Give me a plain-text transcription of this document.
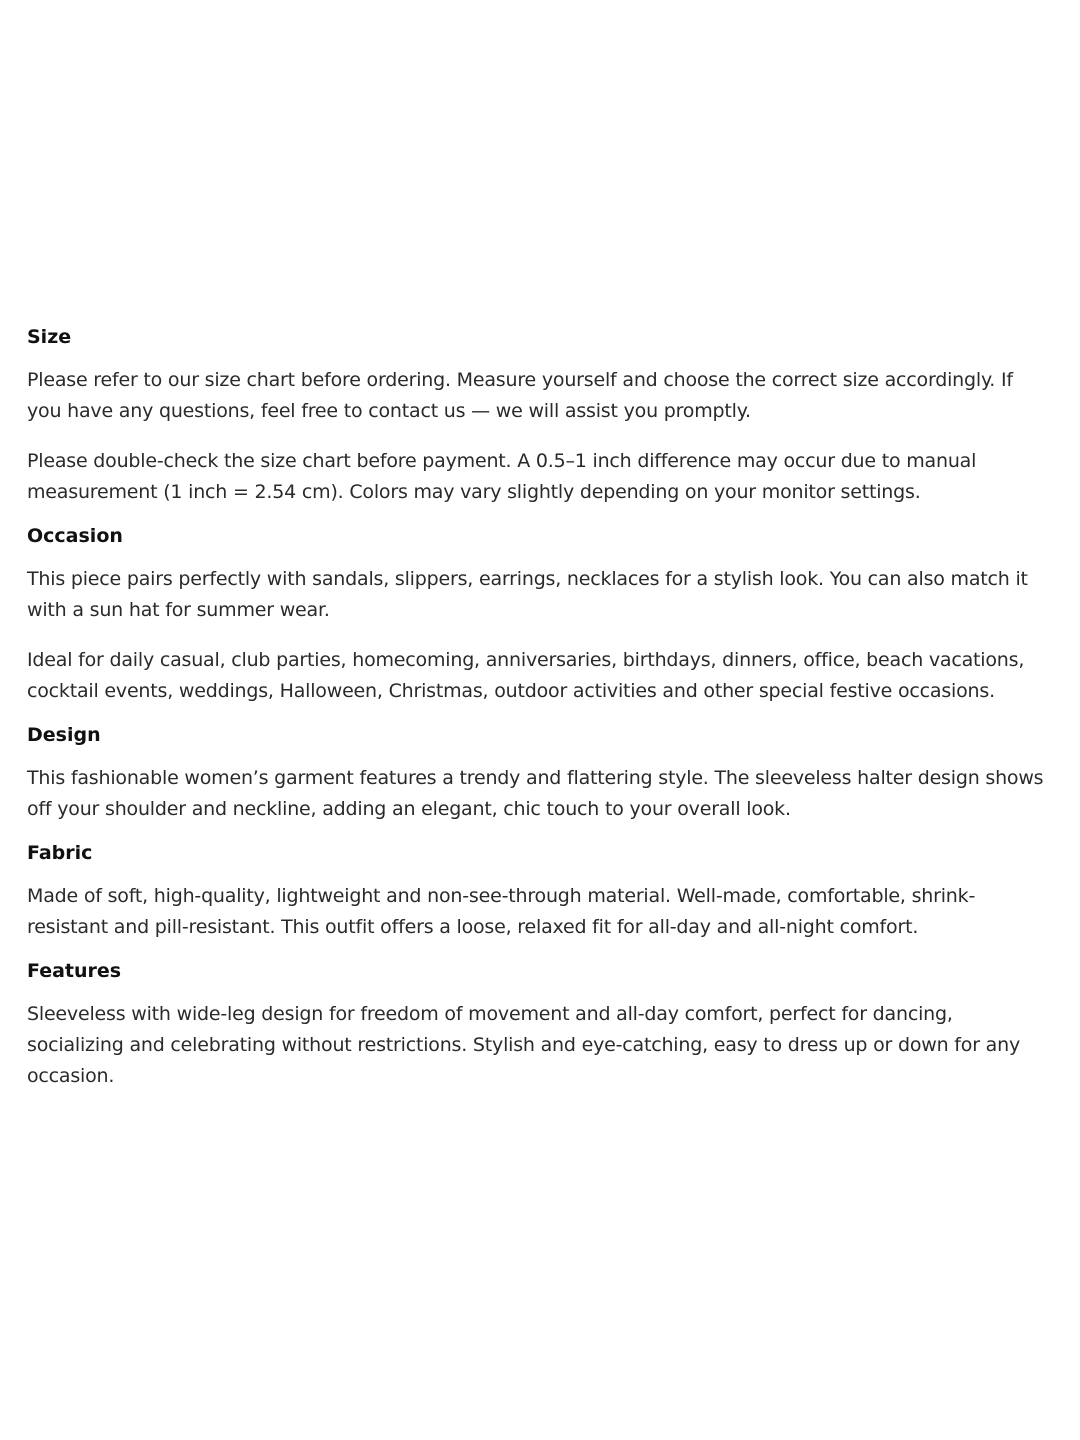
Size

Please refer to our size chart before ordering. Measure yourself and choose the correct size accordingly. If you have any questions, feel free to contact us — we will assist you promptly.

Please double-check the size chart before payment. A 0.5–1 inch difference may occur due to manual measurement (1 inch = 2.54 cm). Colors may vary slightly depending on your monitor settings.

Occasion

This piece pairs perfectly with sandals, slippers, earrings, necklaces for a stylish look. You can also match it with a sun hat for summer wear.

Ideal for daily casual, club parties, homecoming, anniversaries, birthdays, dinners, office, beach vacations, cocktail events, weddings, Halloween, Christmas, outdoor activities and other special festive occasions.

Design

This fashionable women’s garment features a trendy and flattering style. The sleeveless halter design shows off your shoulder and neckline, adding an elegant, chic touch to your overall look.

Fabric

Made of soft, high-quality, lightweight and non-see-through material. Well-made, comfortable, shrink-resistant and pill-resistant. This outfit offers a loose, relaxed fit for all-day and all-night comfort.

Features

Sleeveless with wide-leg design for freedom of movement and all-day comfort, perfect for dancing, socializing and celebrating without restrictions. Stylish and eye-catching, easy to dress up or down for any occasion.
